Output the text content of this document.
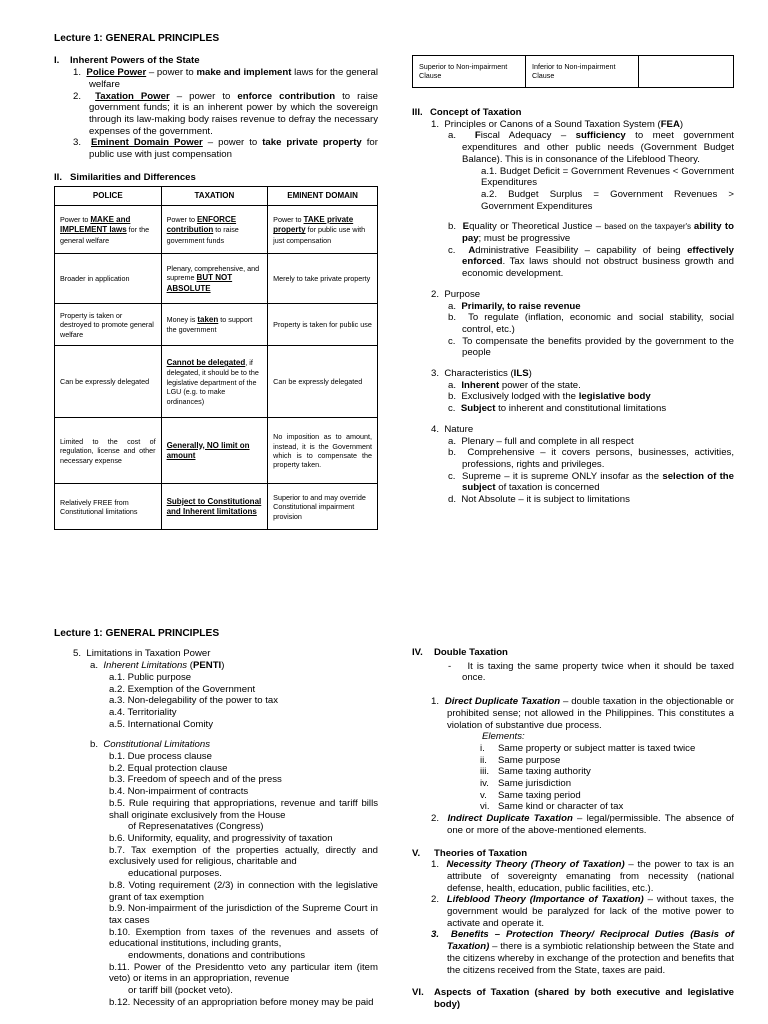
Lecture 1: GENERAL PRINCIPLES
I. Inherent Powers of the State
1. Police Power – power to make and implement laws for the general welfare
2. Taxation Power – power to enforce contribution to raise government funds; it is an inherent power by which the sovereign through its law-making body raises revenue to defray the necessary expenses of the government.
3. Eminent Domain Power – power to take private property for public use with just compensation
II. Similarities and Differences
POLICE	TAXATION	EMINENT DOMAIN
Power to MAKE and IMPLEMENT laws for the general welfare	Power to ENFORCE contribution to raise government funds	Power to TAKE private property for public use with just compensation
Broader in application	Plenary, comprehensive, and supreme BUT NOT ABSOLUTE	Merely to take private property
Property is taken or destroyed to promote general welfare	Money is taken to support the government	Property is taken for public use
Can be expressly delegated	Cannot be delegated, if delegated, it should be to the legislative department of the LGU (e.g. to make ordinances)	Can be expressly delegated
Limited to the cost of regulation, license and other necessary expense	Generally, NO limit on amount	No imposition as to amount, instead, it is the Government which is to compensate the property taken.
Relatively FREE from Constitutional limitations	Subject to Constitutional and Inherent limitations	Superior to and may override Constitutional impairment provision
Superior to Non-impairment Clause	Inferior to Non-impairment Clause	
III. Concept of Taxation
1. Principles or Canons of a Sound Taxation System (FEA)
a. Fiscal Adequacy – sufficiency to meet government expenditures and other public needs (Government Budget Balance). This is in consonance of the Lifeblood Theory.
a.1. Budget Deficit = Government Revenues < Government Expenditures
a.2. Budget Surplus = Government Revenues > Government Expenditures
b. Equality or Theoretical Justice – based on the taxpayer's ability to pay; must be progressive
c. Administrative Feasibility – capability of being effectively enforced. Tax laws should not obstruct business growth and economic development.
2. Purpose
a. Primarily, to raise revenue
b. To regulate (inflation, economic and social stability, social control, etc.)
c. To compensate the benefits provided by the government to the people
3. Characteristics (ILS)
a. Inherent power of the state.
b. Exclusively lodged with the legislative body
c. Subject to inherent and constitutional limitations
4. Nature
a. Plenary – full and complete in all respect
b. Comprehensive – it covers persons, businesses, activities, professions, rights and privileges.
c. Supreme – it is supreme ONLY insofar as the selection of the subject of taxation is concerned
d. Not Absolute – it is subject to limitations
Lecture 1: GENERAL PRINCIPLES
5. Limitations in Taxation Power
a. Inherent Limitations (PENTI)
a.1. Public purpose
a.2. Exemption of the Government
a.3. Non-delegability of the power to tax
a.4. Territoriality
a.5. International Comity
b. Constitutional Limitations
b.1. Due process clause
b.2. Equal protection clause
b.3. Freedom of speech and of the press
b.4. Non-impairment of contracts
b.5. Rule requiring that appropriations, revenue and tariff bills shall originate exclusively from the House
of Represenatatives (Congress)
b.6. Uniformity, equality, and progressivity of taxation
b.7. Tax exemption of the properties actually, directly and exclusively used for religious, charitable and
educational purposes.
b.8. Voting requirement (2/3) in connection with the legislative grant of tax exemption
b.9. Non-impairment of the jurisdiction of the Supreme Court in tax cases
b.10. Exemption from taxes of the revenues and assets of educational institutions, including grants,
endowments, donations and contributions
b.11. Power of the Presidentto veto any particular item (item veto) or items in an appropriation, revenue
or tariff bill (pocket veto).
b.12. Necessity of an appropriation before money may be paid
IV. Double Taxation
- It is taxing the same property twice when it should be taxed once.
1. Direct Duplicate Taxation – double taxation in the objectionable or prohibited sense; not allowed in the Philippines. This constitutes a violation of substantive due process.
Elements:
i. Same property or subject matter is taxed twice
ii. Same purpose
iii. Same taxing authority
iv. Same jurisdiction
v. Same taxing period
vi. Same kind or character of tax
2. Indirect Duplicate Taxation – legal/permissible. The absence of one or more of the above-mentioned elements.
V. Theories of Taxation
1. Necessity Theory (Theory of Taxation) – the power to tax is an attribute of sovereignty emanating from necessity (national defense, health, education, public facilities, etc.).
2. Lifeblood Theory (Importance of Taxation) – without taxes, the government would be paralyzed for lack of the motive power to activate and operate it.
3. Benefits – Protection Theory/ Reciprocal Duties (Basis of Taxation) – there is a symbiotic relationship between the State and the citizens whereby in exchange of the protection and benefits that the citizens received from the State, taxes are paid.
VI. Aspects of Taxation (shared by both executive and legislative body)
